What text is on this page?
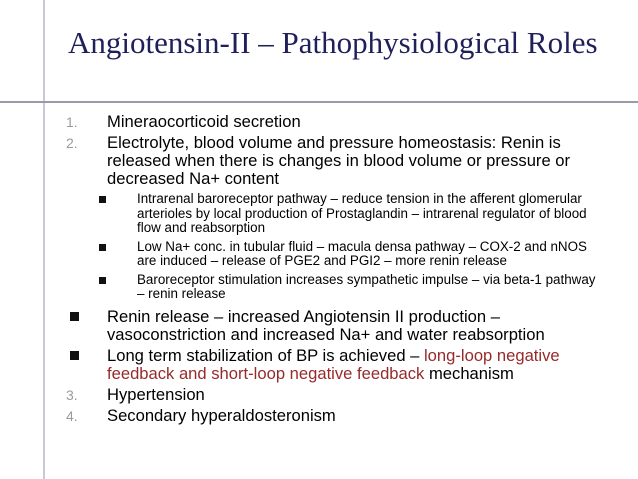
Angiotensin-II – Pathophysiological Roles
1. Mineraocorticoid secretion
2. Electrolyte, blood volume and pressure homeostasis: Renin is released when there is changes in blood volume or pressure or decreased Na+ content
Intrarenal baroreceptor pathway – reduce tension in the afferent glomerular arterioles by local production of Prostaglandin – intrarenal regulator of blood flow and reabsorption
Low Na+ conc. in tubular fluid – macula densa pathway – COX-2 and nNOS are induced – release of PGE2 and PGI2 – more renin release
Baroreceptor stimulation increases sympathetic impulse – via beta-1 pathway – renin release
Renin release – increased Angiotensin II production – vasoconstriction and increased Na+ and water reabsorption
Long term stabilization of BP is achieved – long-loop negative feedback and short-loop negative feedback mechanism
3. Hypertension
4. Secondary hyperaldosteronism
